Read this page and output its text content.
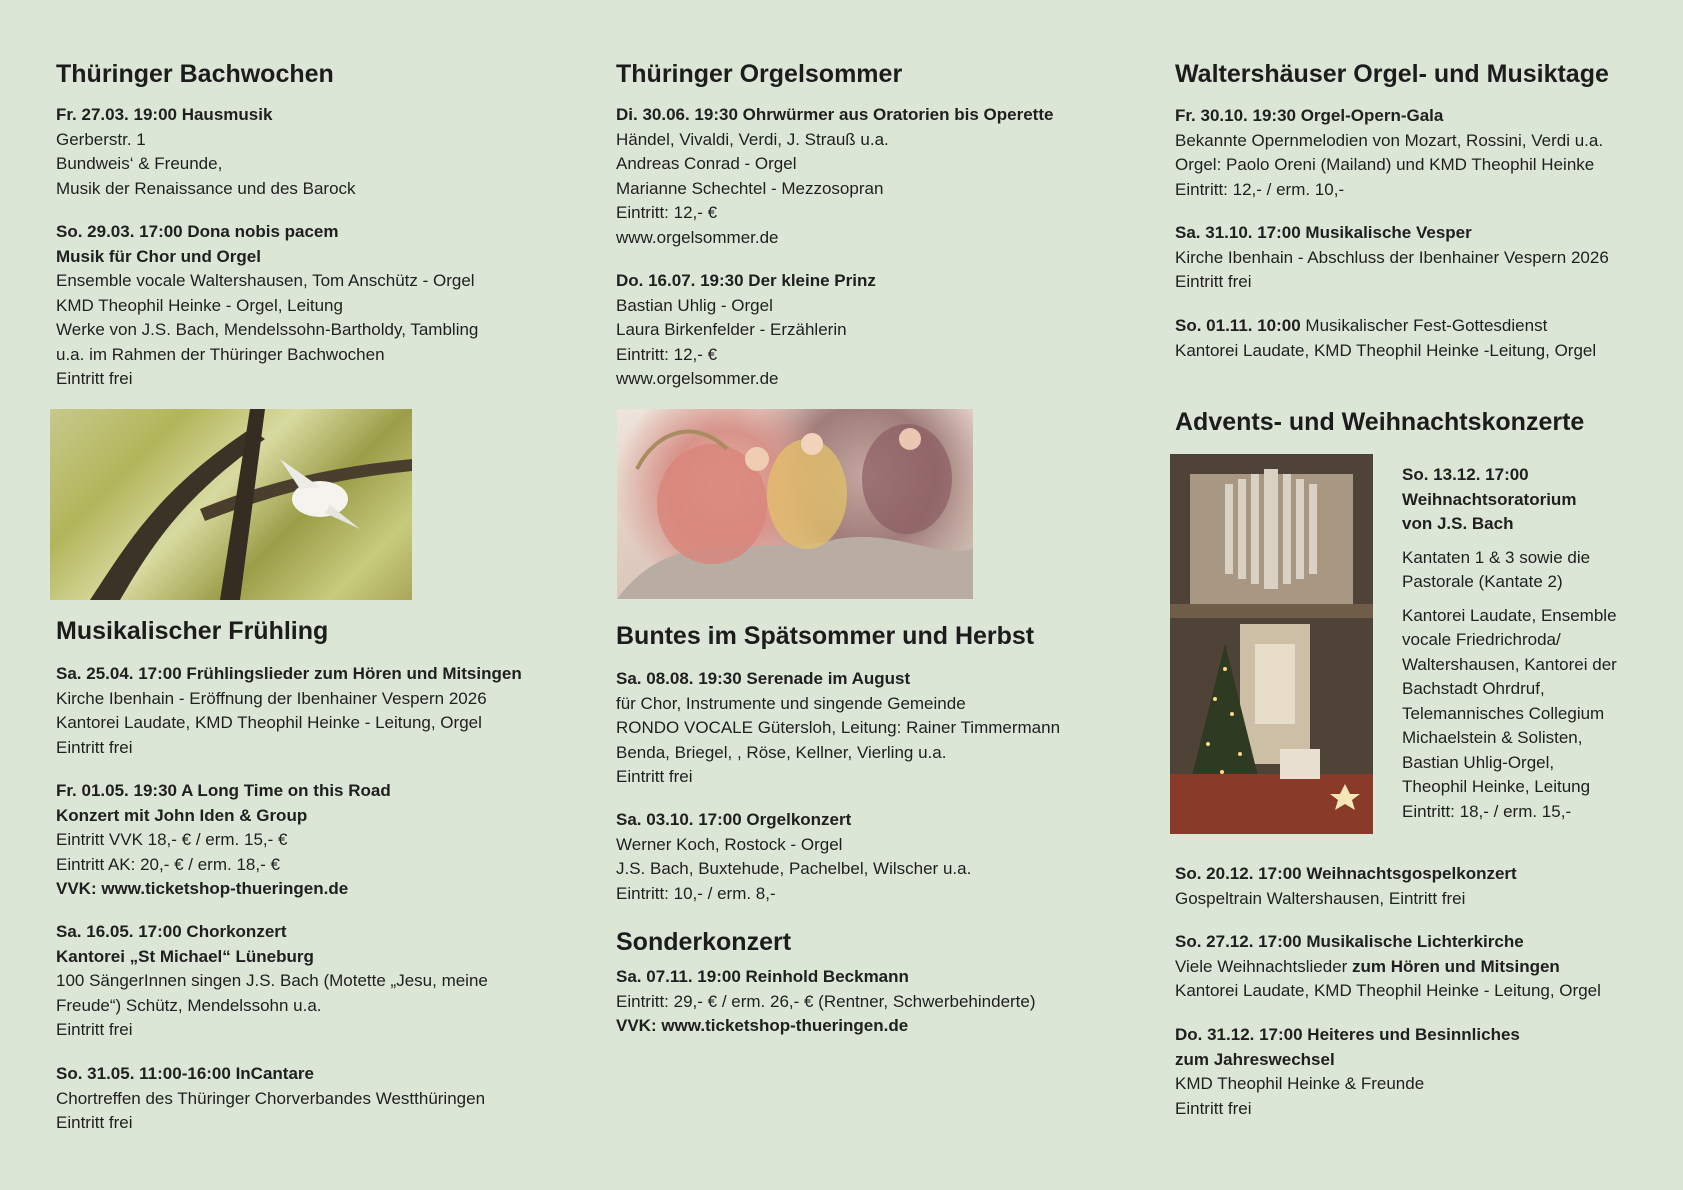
Thüringer Bachwochen
Fr. 27.03. 19:00 Hausmusik
Gerberstr. 1
Bundweis‘ & Freunde,
Musik der Renaissance und des Barock
So. 29.03. 17:00 Dona nobis pacem
Musik für Chor und Orgel
Ensemble vocale Waltershausen, Tom Anschütz - Orgel
KMD Theophil Heinke - Orgel, Leitung
Werke von J.S. Bach, Mendelssohn-Bartholdy, Tambling
u.a. im Rahmen der Thüringer Bachwochen
Eintritt frei
Musikalischer Frühling
Sa. 25.04. 17:00 Frühlingslieder zum Hören und Mitsingen
Kirche Ibenhain - Eröffnung der Ibenhainer Vespern 2026
Kantorei Laudate, KMD Theophil Heinke - Leitung, Orgel
Eintritt frei
Fr. 01.05. 19:30 A Long Time on this Road
Konzert mit John Iden & Group
Eintritt VVK 18,- € / erm. 15,- €
Eintritt AK: 20,- € / erm. 18,- €
VVK: www.ticketshop-thueringen.de
Sa. 16.05. 17:00 Chorkonzert
Kantorei „St Michael“ Lüneburg
100 SängerInnen singen J.S. Bach (Motette „Jesu, meine
Freude“) Schütz, Mendelssohn u.a.
Eintritt frei
So. 31.05. 11:00-16:00 InCantare
Chortreffen des Thüringer Chorverbandes Westthüringen
Eintritt frei
Thüringer Orgelsommer
Di. 30.06. 19:30 Ohrwürmer aus Oratorien bis Operette
Händel, Vivaldi, Verdi, J. Strauß u.a.
Andreas Conrad - Orgel
Marianne Schechtel - Mezzosopran
Eintritt: 12,- €
www.orgelsommer.de
Do. 16.07. 19:30 Der kleine Prinz
Bastian Uhlig - Orgel
Laura Birkenfelder - Erzählerin
Eintritt: 12,- €
www.orgelsommer.de
Buntes im Spätsommer und Herbst
Sa. 08.08. 19:30 Serenade im August
für Chor, Instrumente und singende Gemeinde
RONDO VOCALE Gütersloh, Leitung: Rainer Timmermann
Benda, Briegel, , Röse, Kellner, Vierling u.a.
Eintritt frei
Sa. 03.10. 17:00 Orgelkonzert
Werner Koch, Rostock - Orgel
J.S. Bach, Buxtehude, Pachelbel, Wilscher u.a.
Eintritt: 10,- / erm. 8,-
Sonderkonzert
Sa. 07.11. 19:00 Reinhold Beckmann
Eintritt: 29,- € / erm. 26,- € (Rentner, Schwerbehinderte)
VVK: www.ticketshop-thueringen.de
Waltershäuser Orgel- und Musiktage
Fr. 30.10. 19:30 Orgel-Opern-Gala
Bekannte Opernmelodien von Mozart, Rossini, Verdi u.a.
Orgel: Paolo Oreni (Mailand) und KMD Theophil Heinke
Eintritt: 12,- / erm. 10,-
Sa. 31.10. 17:00 Musikalische Vesper
Kirche Ibenhain - Abschluss der Ibenhainer Vespern 2026
Eintritt frei
So. 01.11. 10:00 Musikalischer Fest-Gottesdienst
Kantorei Laudate, KMD Theophil Heinke -Leitung, Orgel
Advents- und Weihnachtskonzerte
So. 13.12. 17:00
Weihnachtsoratorium
von J.S. Bach
Kantaten 1 & 3 sowie die
Pastorale (Kantate 2)
Kantorei Laudate, Ensemble
vocale Friedrichroda/
Waltershausen, Kantorei der
Bachstadt Ohrdruf,
Telemannisches Collegium
Michaelstein & Solisten,
Bastian Uhlig-Orgel,
Theophil Heinke, Leitung
Eintritt: 18,- / erm. 15,-
So. 20.12. 17:00 Weihnachtsgospelkonzert
Gospeltrain Waltershausen, Eintritt frei
So. 27.12. 17:00 Musikalische Lichterkirche
Viele Weihnachtslieder zum Hören und Mitsingen
Kantorei Laudate, KMD Theophil Heinke - Leitung, Orgel
Do. 31.12. 17:00 Heiteres und Besinnliches
zum Jahreswechsel
KMD Theophil Heinke & Freunde
Eintritt frei
